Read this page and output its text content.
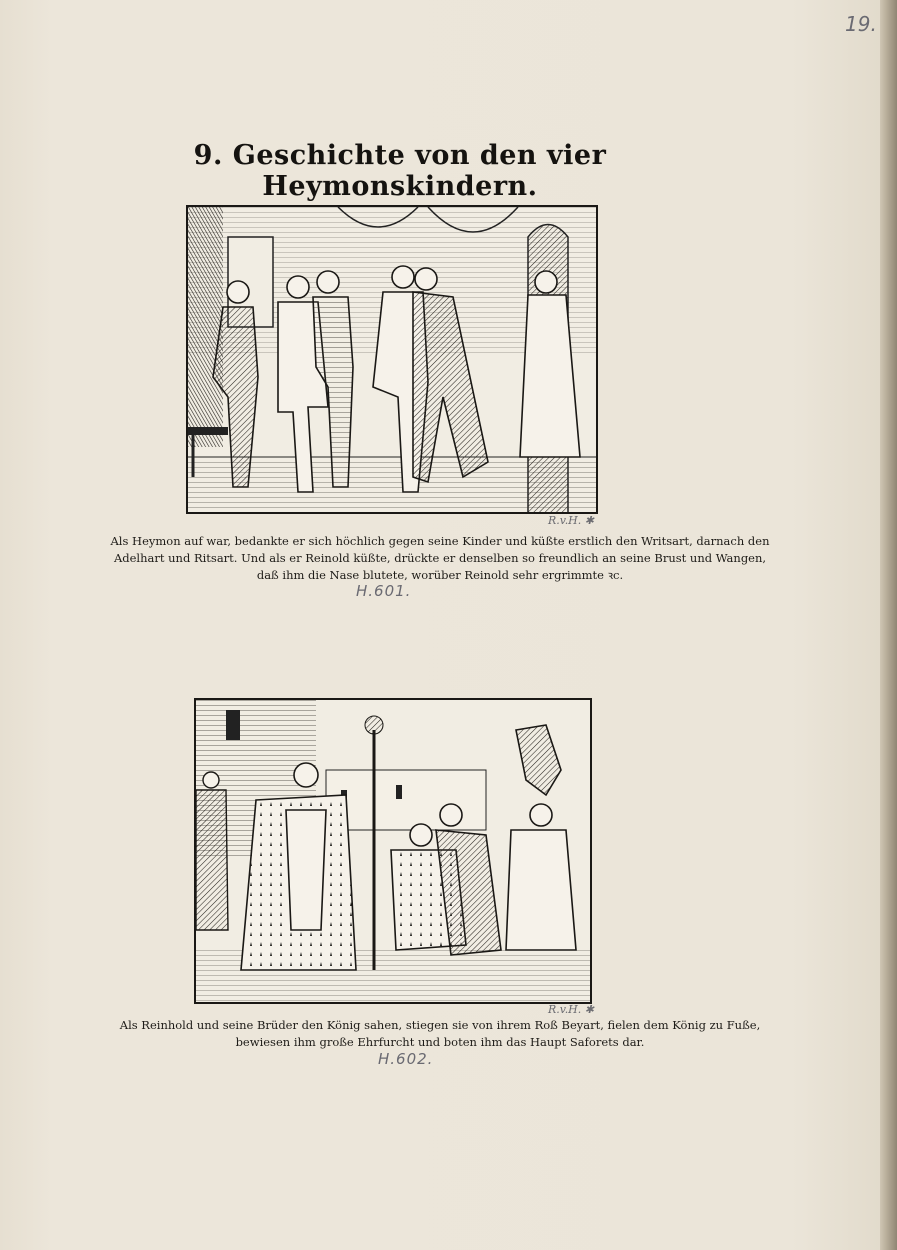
19.
9. Geschichte von den vier Heymonskindern.
R.v.H. ✱
Als Heymon auf war, bedankte er sich höchlich gegen seine Kinder und küßte erstlich den Writsart, darnach den
Adelhart und Ritsart. Und als er Reinold küßte, drückte er denselben so freundlich an seine Brust und Wangen,
daß ihm die Nase blutete, worüber Reinold sehr ergrimmte ꝛc.
H.601.
R.v.H. ✱
Als Reinhold und seine Brüder den König sahen, stiegen sie von ihrem Roß Beyart, fielen dem König zu Fuße,
bewiesen ihm große Ehrfurcht und boten ihm das Haupt Saforets dar.
H.602.
